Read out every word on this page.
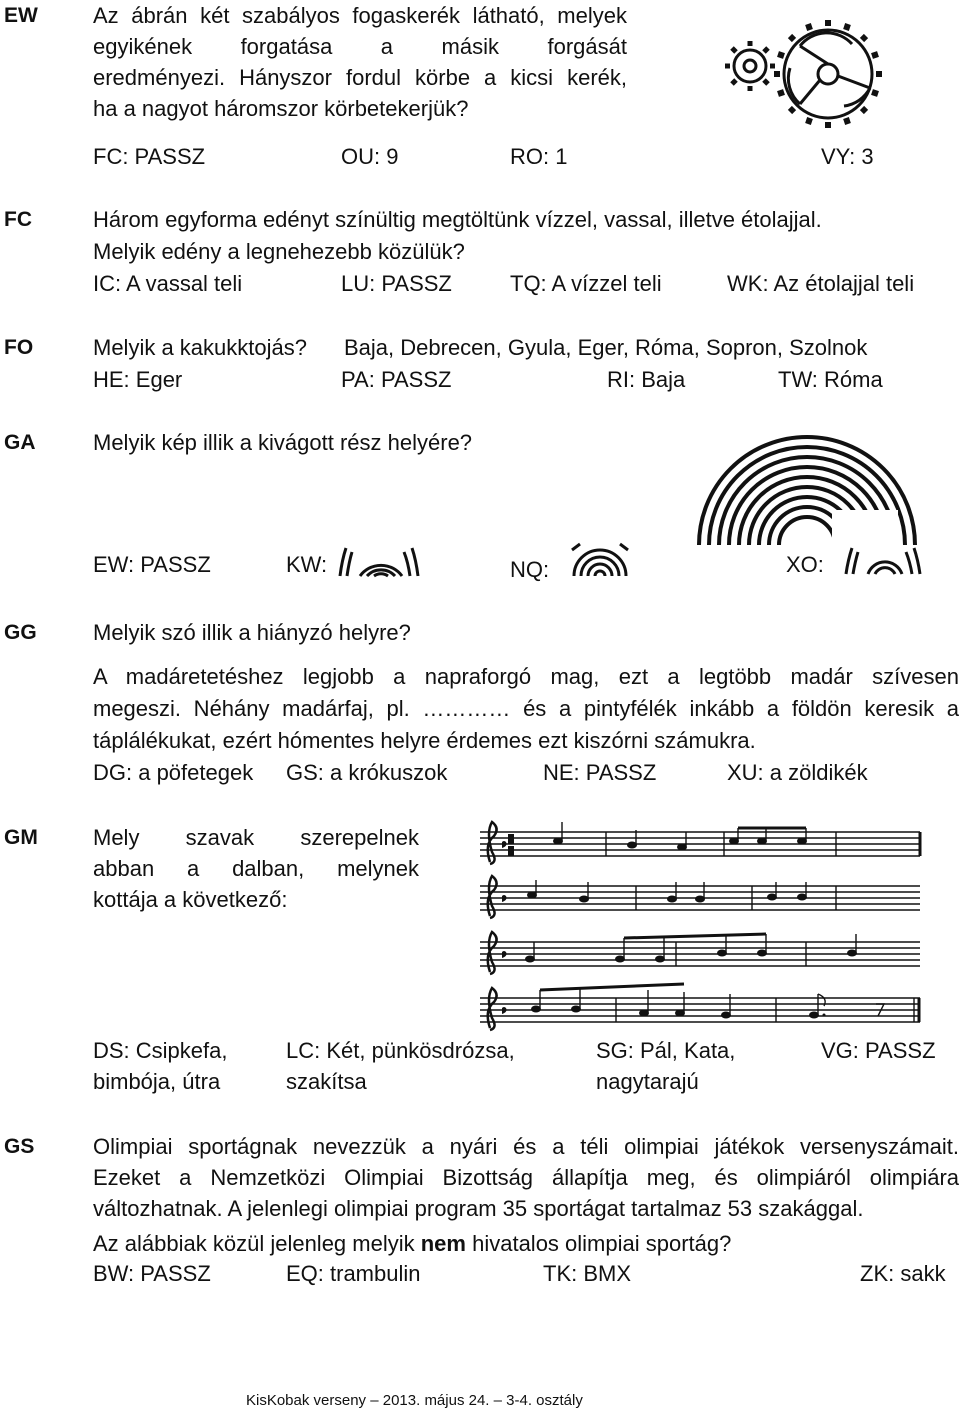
EW	Az ábrán két szabályos fogaskerék látható, melyek
egyikének forgatása a másik forgását
eredményezi. Hányszor fordul körbe a kicsi kerék,
ha a nagyot háromszor körbetekerjük?
FC: PASSZ	OU: 9	RO: 1	VY: 3
FC	Három egyforma edényt színültig megtöltünk vízzel, vassal, illetve étolajjal.
Melyik edény a legnehezebb közülük?
IC: A vassal teli	LU: PASSZ	TQ: A vízzel teli	WK: Az étolajjal teli
FO	Melyik a kakukktojás? Baja, Debrecen, Gyula, Eger, Róma, Sopron, Szolnok
HE: Eger	PA: PASSZ	RI: Baja	TW: Róma
GA	Melyik kép illik a kivágott rész helyére?
EW: PASSZ	KW:	NQ:	XO:
GG	Melyik szó illik a hiányzó helyre?
A madáretetéshez legjobb a napraforgó mag, ezt a legtöbb madár szívesen
megeszi. Néhány madárfaj, pl. ………… és a pintyfélék inkább a földön keresik a
táplálékukat, ezért hómentes helyre érdemes ezt kiszórni számukra.
DG: a pöfetegek GS: a krókuszok	NE: PASSZ	XU: a zöldikék
GM	Mely szavak szerepelnek
abban a dalban, melynek
kottája a következő:
DS: Csipkefa,
bimbója, útra
LC: Két, pünkösdrózsa,
szakítsa
SG: Pál, Kata,
nagytarajú
VG: PASSZ
GS	Olimpiai sportágnak nevezzük a nyári és a téli olimpiai játékok versenyszámait.
Ezeket a Nemzetközi Olimpiai Bizottság állapítja meg, és olimpiáról olimpiára
változhatnak. A jelenlegi olimpiai program 35 sportágat tartalmaz 53 szakággal.
Az alábbiak közül jelenleg melyik nem hivatalos olimpiai sportág?
BW: PASSZ	EQ: trambulin	TK: BMX	ZK: sakk
KisKobak verseny – 2013. május 24. – 3-4. osztály
